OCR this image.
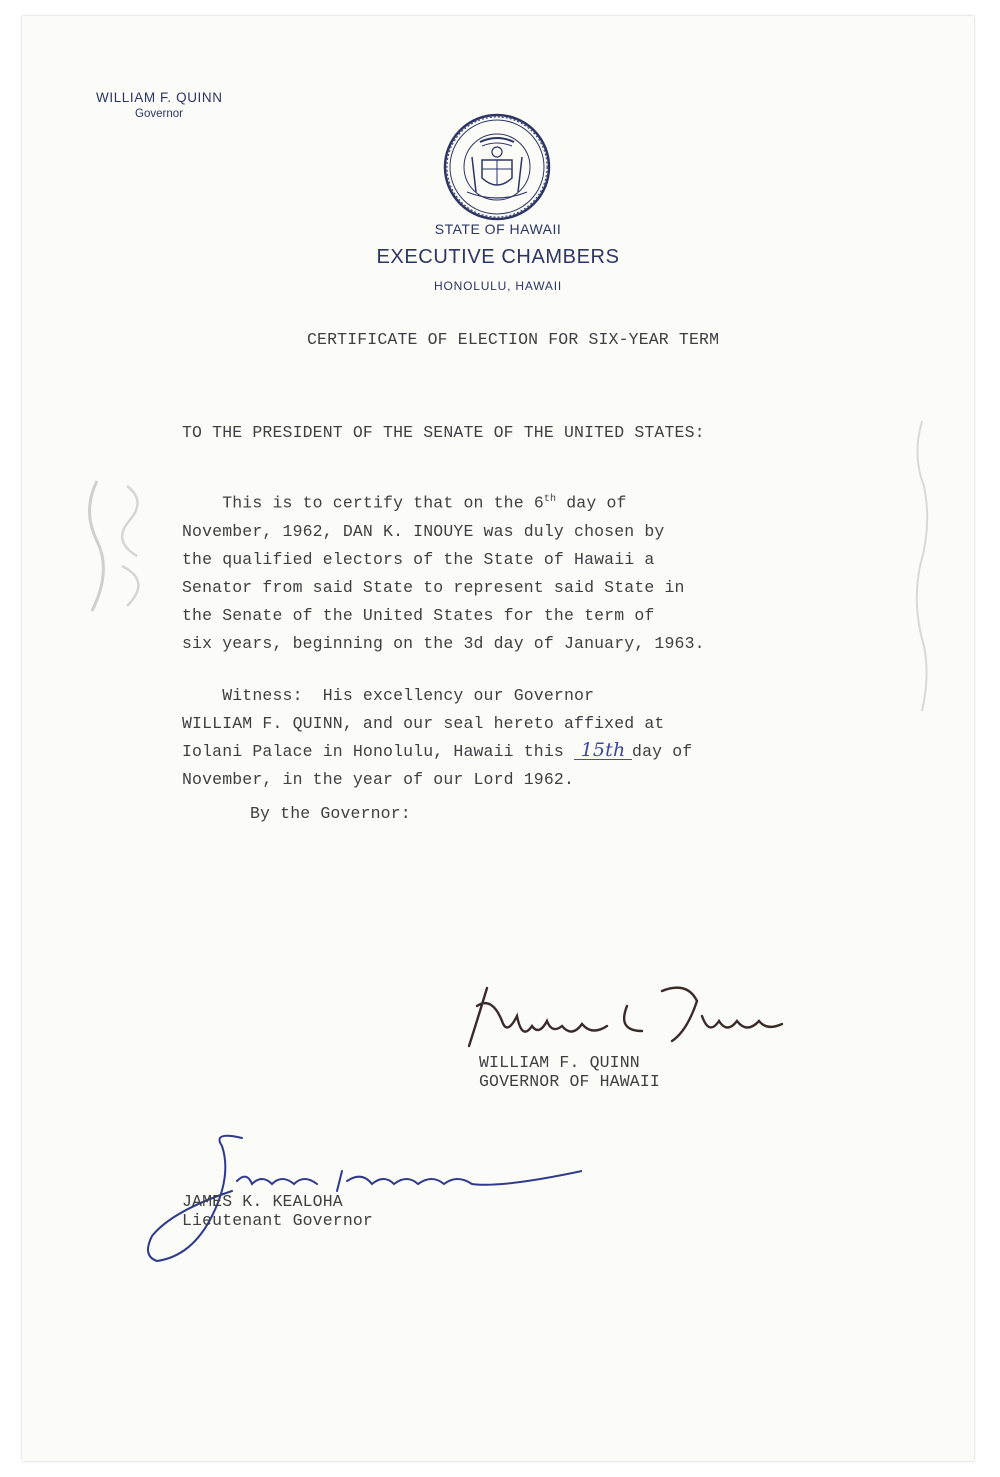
WILLIAM F. QUINN
Governor
STATE OF HAWAII
EXECUTIVE CHAMBERS
HONOLULU, HAWAII
CERTIFICATE OF ELECTION FOR SIX-YEAR TERM
TO THE PRESIDENT OF THE SENATE OF THE UNITED STATES:
This is to certify that on the 6th day of
November, 1962, DAN K. INOUYE was duly chosen by
the qualified electors of the State of Hawaii a
Senator from said State to represent said State in
the Senate of the United States for the term of
six years, beginning on the 3d day of January, 1963.
Witness:  His excellency our Governor
WILLIAM F. QUINN, and our seal hereto affixed at
Iolani Palace in Honolulu, Hawaii this 15th day of
November, in the year of our Lord 1962.
By the Governor:
WILLIAM F. QUINN
GOVERNOR OF HAWAII
JAMES K. KEALOHA
Lieutenant Governor
